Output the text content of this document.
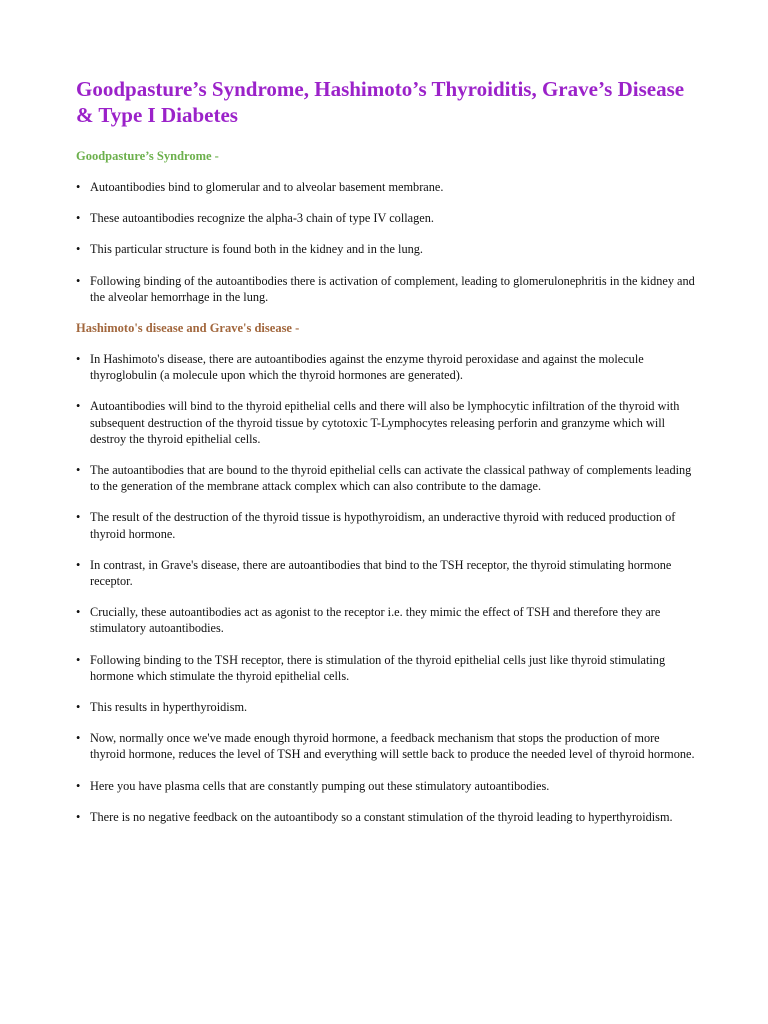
Goodpasture’s Syndrome, Hashimoto’s Thyroiditis, Grave’s Disease & Type I Diabetes
Goodpasture’s Syndrome -
• Autoantibodies bind to glomerular and to alveolar basement membrane.
• These autoantibodies recognize the alpha-3 chain of type IV collagen.
• This particular structure is found both in the kidney and in the lung.
• Following binding of the autoantibodies there is activation of complement, leading to glomerulonephritis in the kidney and the alveolar hemorrhage in the lung.
Hashimoto's disease and Grave's disease -
• In Hashimoto's disease, there are autoantibodies against the enzyme thyroid peroxidase and against the molecule thyroglobulin (a molecule upon which the thyroid hormones are generated).
• Autoantibodies will bind to the thyroid epithelial cells and there will also be lymphocytic infiltration of the thyroid with subsequent destruction of the thyroid tissue by cytotoxic T-Lymphocytes releasing perforin and granzyme which will destroy the thyroid epithelial cells.
• The autoantibodies that are bound to the thyroid epithelial cells can activate the classical pathway of complements leading to the generation of the membrane attack complex which can also contribute to the damage.
• The result of the destruction of the thyroid tissue is hypothyroidism, an underactive thyroid with reduced production of thyroid hormone.
• In contrast, in Grave's disease, there are autoantibodies that bind to the TSH receptor, the thyroid stimulating hormone receptor.
• Crucially, these autoantibodies act as agonist to the receptor i.e. they mimic the effect of TSH and therefore they are stimulatory autoantibodies.
• Following binding to the TSH receptor, there is stimulation of the thyroid epithelial cells just like thyroid stimulating hormone which stimulate the thyroid epithelial cells.
• This results in hyperthyroidism.
• Now, normally once we've made enough thyroid hormone, a feedback mechanism that stops the production of more thyroid hormone, reduces the level of TSH and everything will settle back to produce the needed level of thyroid hormone.
• Here you have plasma cells that are constantly pumping out these stimulatory autoantibodies.
• There is no negative feedback on the autoantibody so a constant stimulation of the thyroid leading to hyperthyroidism.
